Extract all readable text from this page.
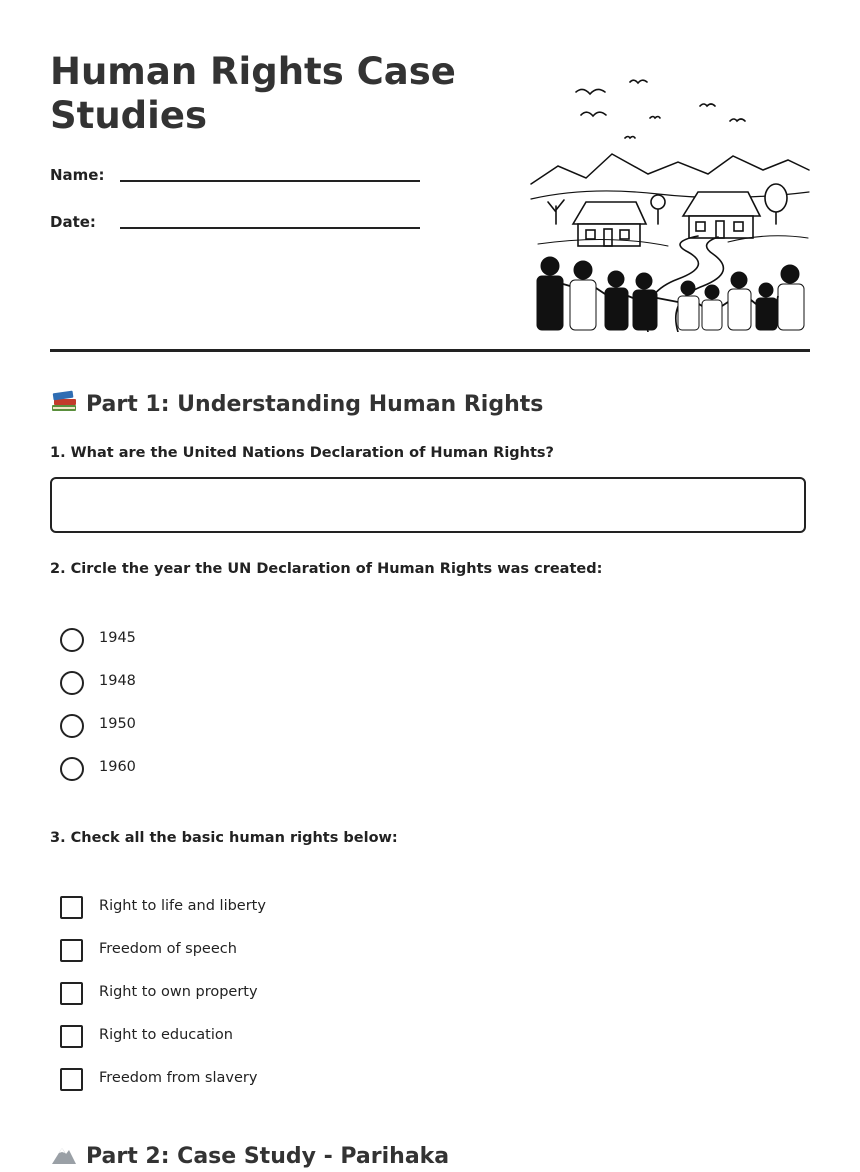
Human Rights Case Studies
Name:
Date:
Part 1: Understanding Human Rights

1. What are the United Nations Declaration of Human Rights?

2. Circle the year the UN Declaration of Human Rights was created:

1945
1948
1950
1960

3. Check all the basic human rights below:

Right to life and liberty
Freedom of speech
Right to own property
Right to education
Freedom from slavery
Part 2: Case Study - Parihaka
